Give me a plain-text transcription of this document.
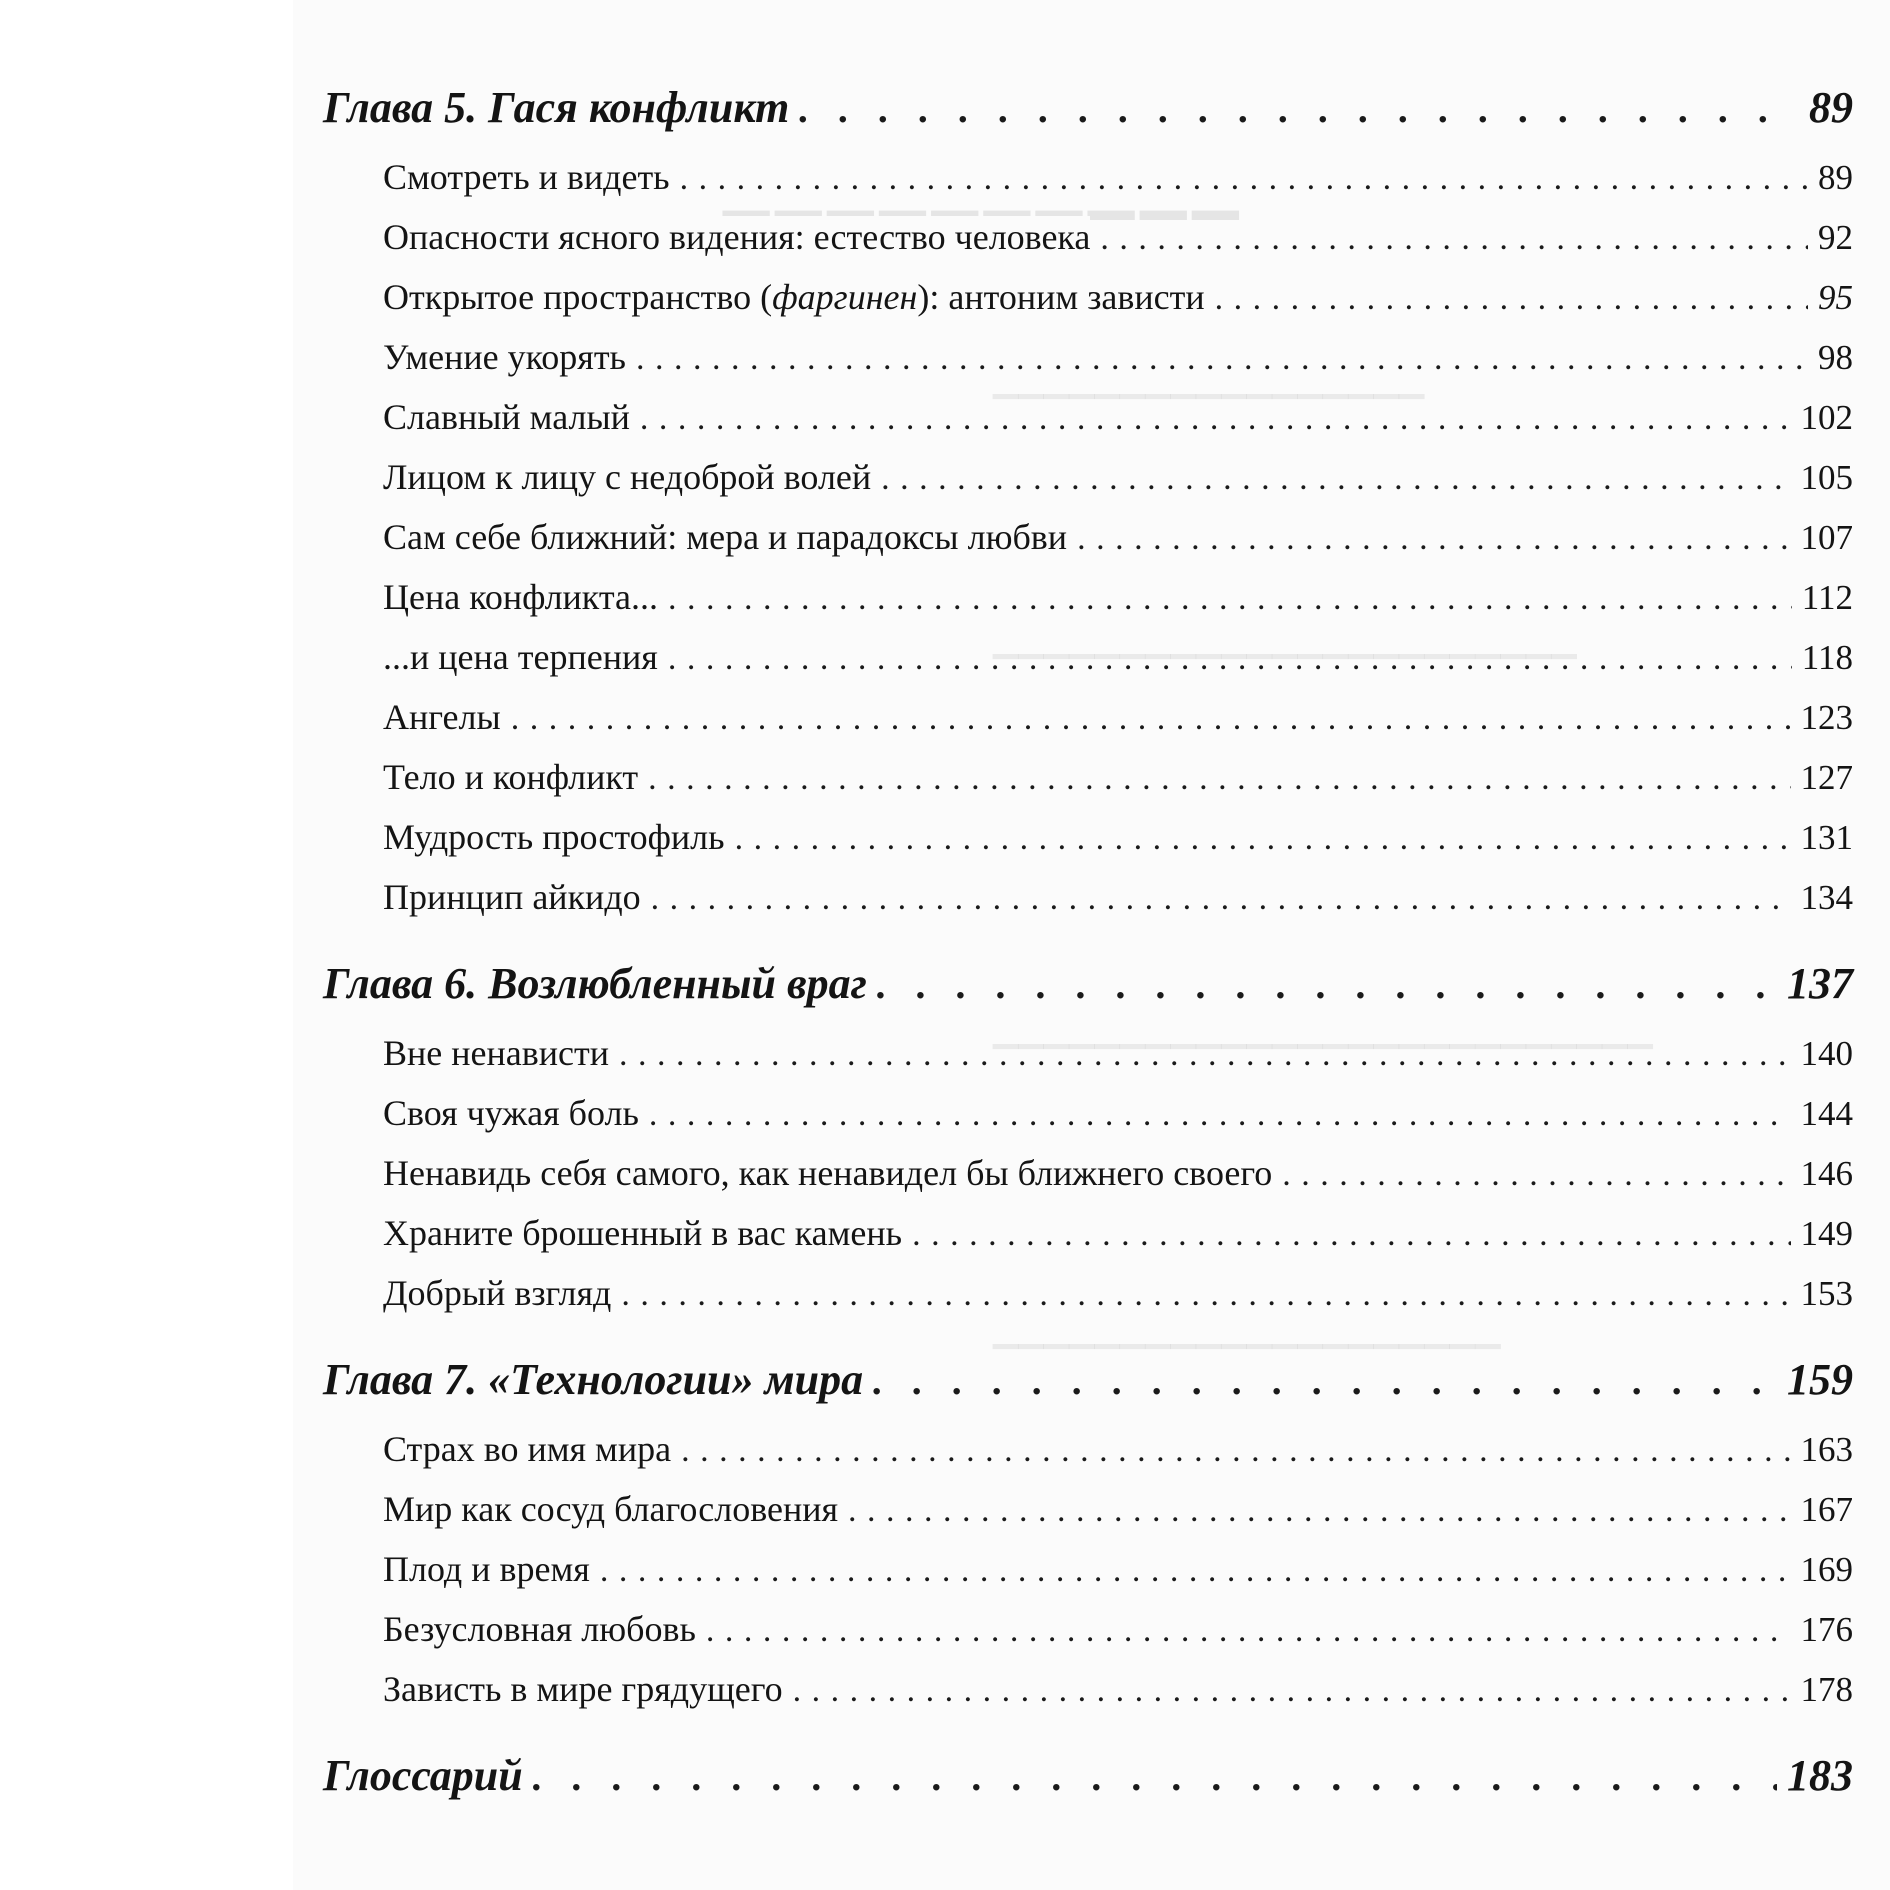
▁▁▁▁▁▁▁▁▁▁
▁▁▁▁▁▁▁▁▁▁▁▁▁▁▁▁▁
▁▁▁▁▁▁▁▁▁▁▁▁▁▁▁▁▁▁▁▁▁▁▁
▁▁▁▁▁▁▁▁▁▁▁▁▁▁▁▁▁▁▁▁▁▁▁▁▁▁
▁▁▁▁▁▁▁▁▁▁▁▁▁▁▁▁▁▁▁▁
Глава 5. Гася конфликт . . .	89
Смотреть и видеть . . .	89
Опасности ясного видения: естество человека . . .	92
Открытое пространство (фаргинен): антоним зависти . . .	95
Умение укорять . . .	98
Славный малый . . .	102
Лицом к лицу с недоброй волей . . .	105
Сам себе ближний: мера и парадоксы любви . . .	107
Цена конфликта... . . .	112
...и цена терпения . . .	118
Ангелы . . .	123
Тело и конфликт . . .	127
Мудрость простофиль . . .	131
Принцип айкидо . . .	134
Глава 6. Возлюбленный враг . . .	137
Вне ненависти . . .	140
Своя чужая боль . . .	144
Ненавидь себя самого, как ненавидел бы ближнего своего . . .	146
Храните брошенный в вас камень . . .	149
Добрый взгляд . . .	153
Глава 7. «Технологии» мира . . .	159
Страх во имя мира . . .	163
Мир как сосуд благословения . . .	167
Плод и время . . .	169
Безусловная любовь . . .	176
Зависть в мире грядущего . . .	178
Глоссарий . . .	183
